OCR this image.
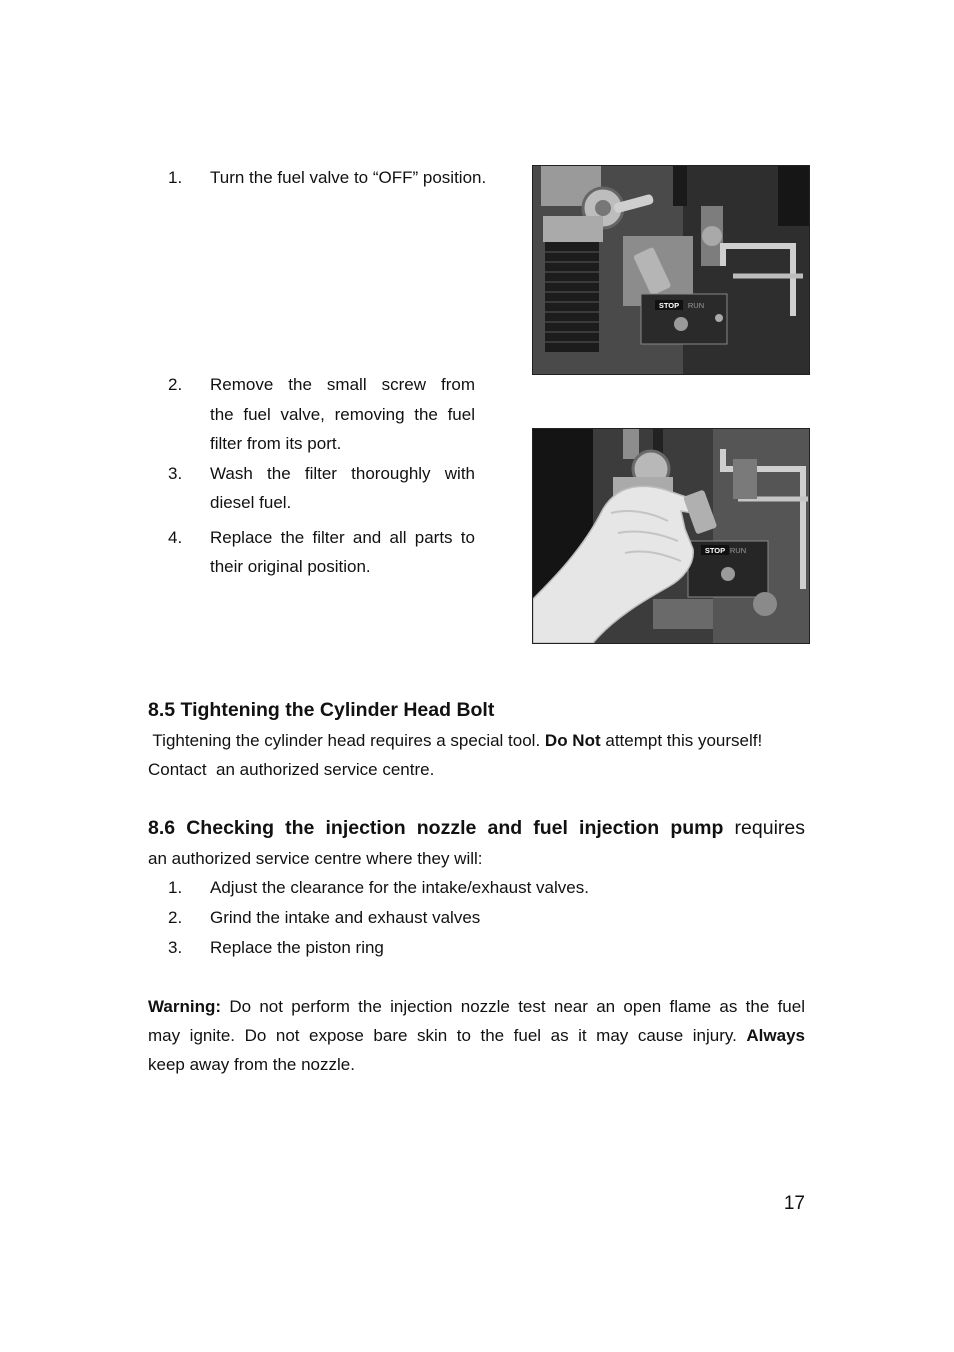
1. Turn the fuel valve to “OFF” position.
STOP RUN
2. Remove the small screw from
the fuel valve, removing the fuel
filter from its port.
3. Wash the filter thoroughly with
diesel fuel.
4. Replace the filter and all parts to
their original position.
STOP RUN
8.5 Tightening the Cylinder Head Bolt
Tightening the cylinder head requires a special tool. Do Not attempt this yourself!
Contact  an authorized service centre.
8.6 Checking the injection nozzle and fuel injection pump requires
an authorized service centre where they will:
1. Adjust the clearance for the intake/exhaust valves.
2. Grind the intake and exhaust valves
3. Replace the piston ring
Warning: Do not perform the injection nozzle test near an open flame as the fuel
may ignite. Do not expose bare skin to the fuel as it may cause injury. Always
keep away from the nozzle.
17
